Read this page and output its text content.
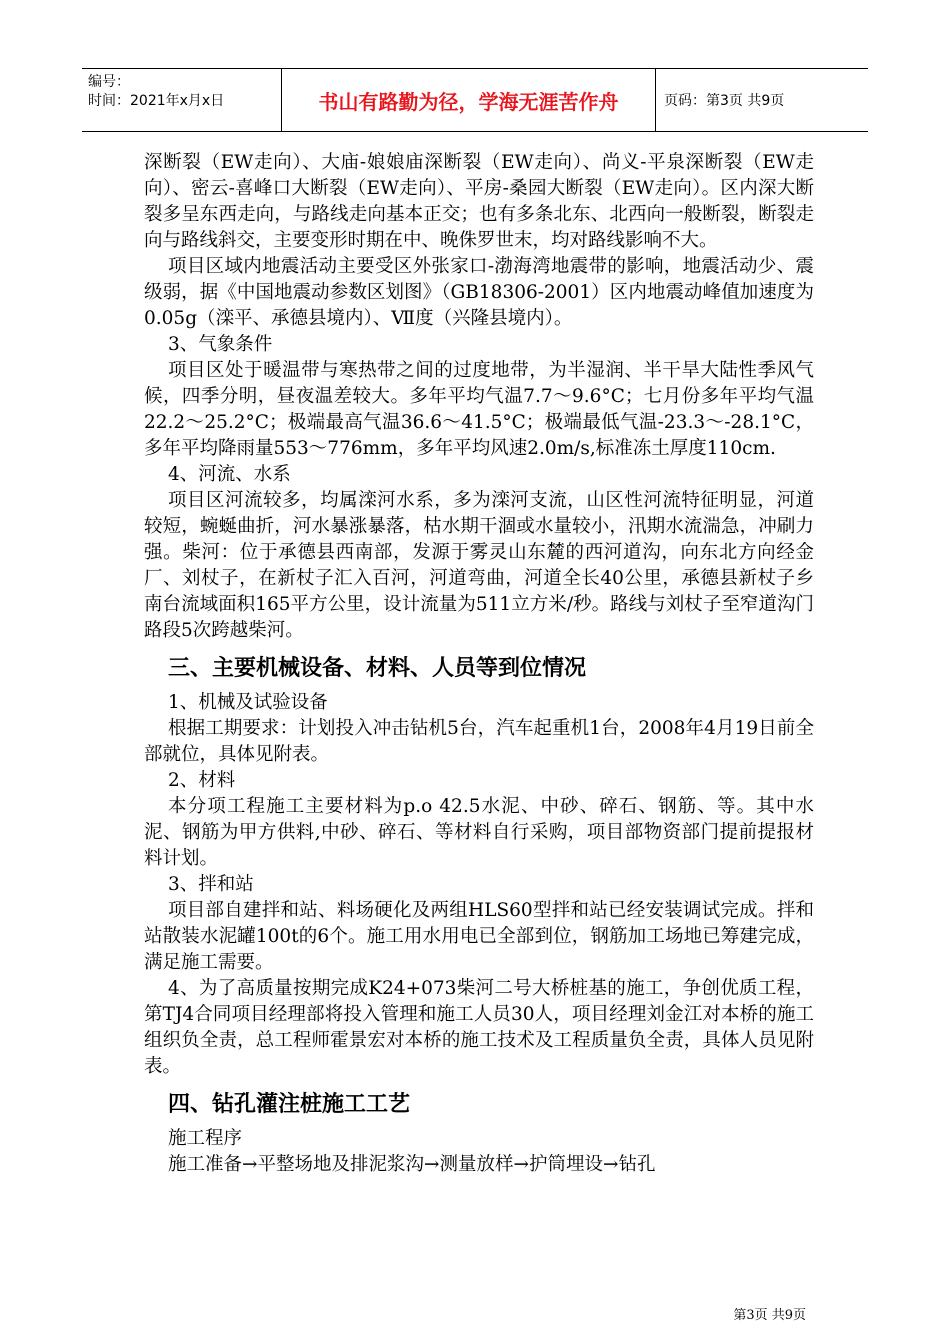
编号：
时间：2021年x月x日	书山有路勤为径，学海无涯苦作舟	页码：第3页 共9页

深断裂（EW走向）、大庙-娘娘庙深断裂（EW走向）、尚义-平泉深断裂（EW走向）、密云-喜峰口大断裂（EW走向）、平房-桑园大断裂（EW走向）。区内深大断裂多呈东西走向，与路线走向基本正交；也有多条北东、北西向一般断裂，断裂走向与路线斜交，主要变形时期在中、晚侏罗世末，均对路线影响不大。

项目区域内地震活动主要受区外张家口-渤海湾地震带的影响，地震活动少、震级弱，据《中国地震动参数区划图》（GB18306-2001）区内地震动峰值加速度为0.05g（滦平、承德县境内）、Ⅶ度（兴隆县境内）。

3、气象条件

项目区处于暖温带与寒热带之间的过度地带，为半湿润、半干旱大陆性季风气候，四季分明，昼夜温差较大。多年平均气温7.7～9.6°C；七月份多年平均气温22.2～25.2°C；极端最高气温36.6～41.5°C；极端最低气温-23.3～-28.1°C，多年平均降雨量553～776mm，多年平均风速2.0m/s,标准冻土厚度110cm.

4、河流、水系

项目区河流较多，均属滦河水系，多为滦河支流，山区性河流特征明显，河道较短，蜿蜒曲折，河水暴涨暴落，枯水期干涸或水量较小，汛期水流湍急，冲刷力强。柴河：位于承德县西南部，发源于雾灵山东麓的西河道沟，向东北方向经金厂、刘杖子，在新杖子汇入百河，河道弯曲，河道全长40公里，承德县新杖子乡南台流域面积165平方公里，设计流量为511立方米/秒。路线与刘杖子至窄道沟门路段5次跨越柴河。

三、主要机械设备、材料、人员等到位情况

1、机械及试验设备

根据工期要求：计划投入冲击钻机5台，汽车起重机1台，2008年4月19日前全部就位，具体见附表。

2、材料

本分项工程施工主要材料为p.o 42.5水泥、中砂、碎石、钢筋、等。其中水泥、钢筋为甲方供料,中砂、碎石、等材料自行采购，项目部物资部门提前提报材料计划。

3、拌和站

项目部自建拌和站、料场硬化及两组HLS60型拌和站已经安装调试完成。拌和站散装水泥罐100t的6个。施工用水用电已全部到位，钢筋加工场地已筹建完成，满足施工需要。

4、为了高质量按期完成K24+073柴河二号大桥桩基的施工，争创优质工程，第TJ4合同项目经理部将投入管理和施工人员30人，项目经理刘金江对本桥的施工组织负全责，总工程师霍景宏对本桥的施工技术及工程质量负全责，具体人员见附表。

四、钻孔灌注桩施工工艺

施工程序

施工准备→平整场地及排泥浆沟→测量放样→护筒埋设→钻孔

第3页 共9页
